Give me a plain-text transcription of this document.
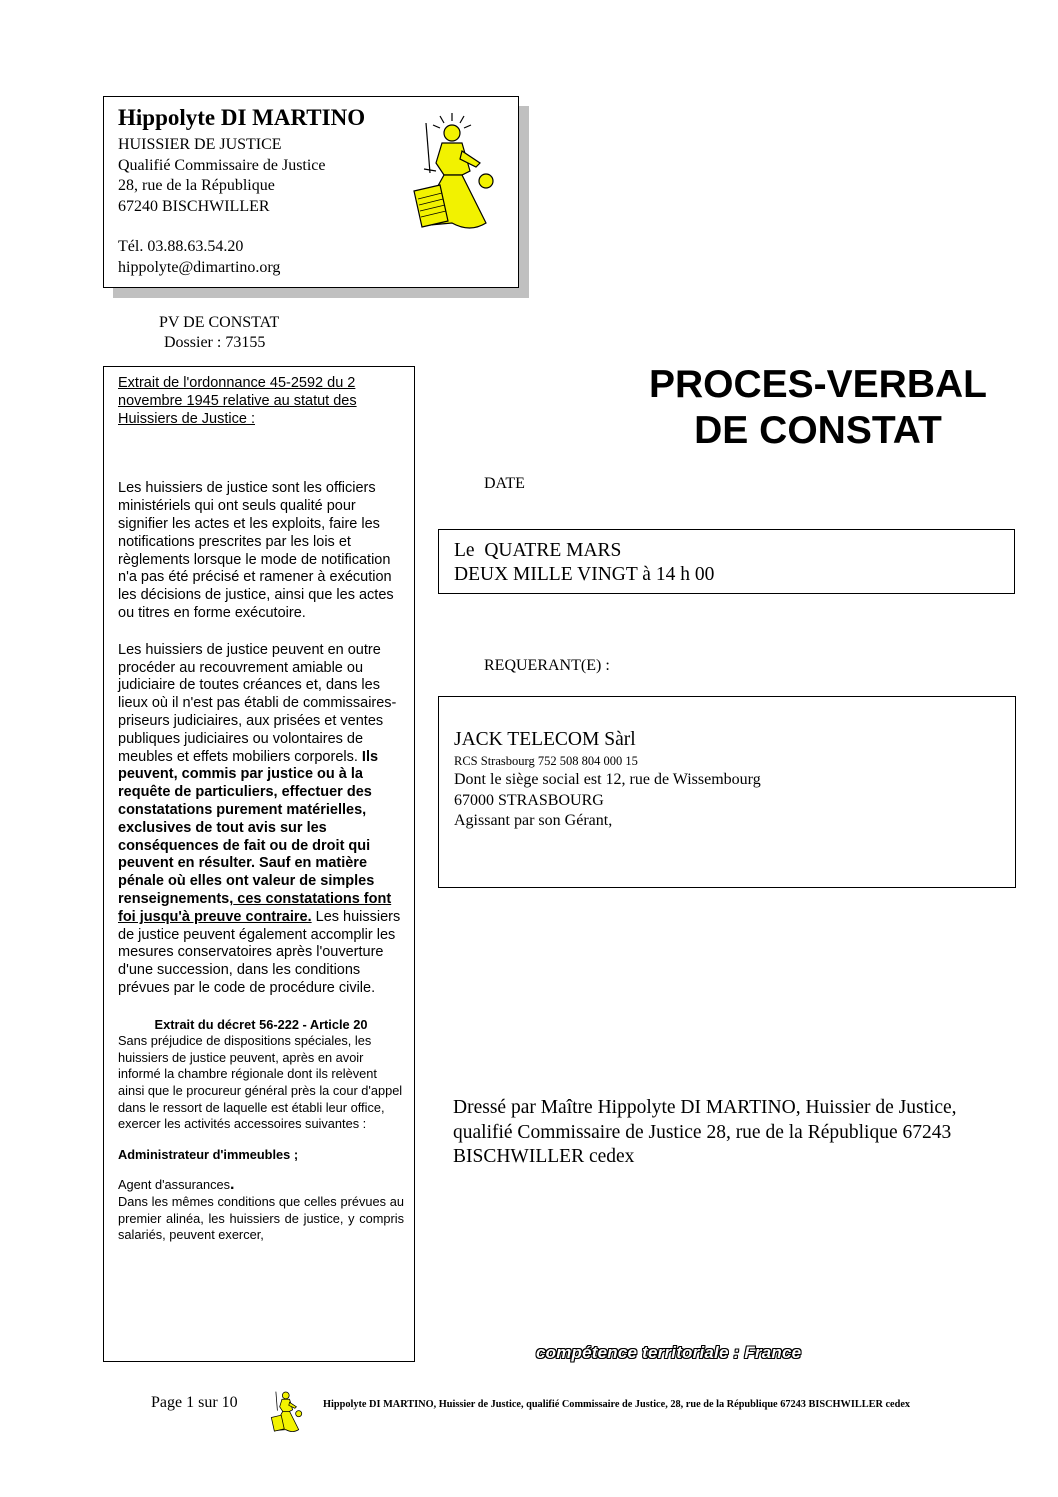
Hippolyte DI MARTINO
HUISSIER DE JUSTICE
Qualifié Commissaire de Justice
28, rue de la République
67240 BISCHWILLER
Tél. 03.88.63.54.20
hippolyte@dimartino.org
PV DE CONSTAT
Dossier : 73155

Extrait de l'ordonnance 45-2592 du 2 novembre 1945 relative au statut des Huissiers de Justice :

Les huissiers de justice sont les officiers ministériels qui ont seuls qualité pour signifier les actes et les exploits, faire les notifications prescrites par les lois et règlements lorsque le mode de notification n'a pas été précisé et ramener à exécution les décisions de justice, ainsi que les actes ou titres en forme exécutoire.

Les huissiers de justice peuvent en outre procéder au recouvrement amiable ou judiciaire de toutes créances et, dans les lieux où il n'est pas établi de commissaires-priseurs judiciaires, aux prisées et ventes publiques judiciaires ou volontaires de meubles et effets mobiliers corporels. Ils peuvent, commis par justice ou à la requête de particuliers, effectuer des constatations purement matérielles, exclusives de tout avis sur les conséquences de fait ou de droit qui peuvent en résulter. Sauf en matière pénale où elles ont valeur de simples renseignements, ces constatations font foi jusqu'à preuve contraire. Les huissiers de justice peuvent également accomplir les mesures conservatoires après l'ouverture d'une succession, dans les conditions prévues par le code de procédure civile.

Extrait du décret 56-222 - Article 20

Sans préjudice de dispositions spéciales, les huissiers de justice peuvent, après en avoir informé la chambre régionale dont ils relèvent ainsi que le procureur général près la cour d'appel dans le ressort de laquelle est établi leur office, exercer les activités accessoires suivantes :

Administrateur d'immeubles ;

Agent d'assurances.

Dans les mêmes conditions que celles prévues au premier alinéa, les huissiers de justice, y compris salariés, peuvent exercer,

PROCES-VERBAL
DE CONSTAT
DATE
Le  QUATRE MARS
DEUX MILLE VINGT à 14 h 00
REQUERANT(E) :
JACK TELECOM Sàrl
RCS Strasbourg 752 508 804 000 15
Dont le siège social est 12, rue de Wissembourg
67000 STRASBOURG
Agissant par son Gérant,
Dressé par Maître Hippolyte DI MARTINO, Huissier de Justice, qualifié Commissaire de Justice 28, rue de la République 67243 BISCHWILLER cedex
compétence territoriale : France
Page 1 sur 10	Hippolyte DI MARTINO, Huissier de Justice, qualifié Commissaire de Justice, 28, rue de la République 67243 BISCHWILLER cedex
